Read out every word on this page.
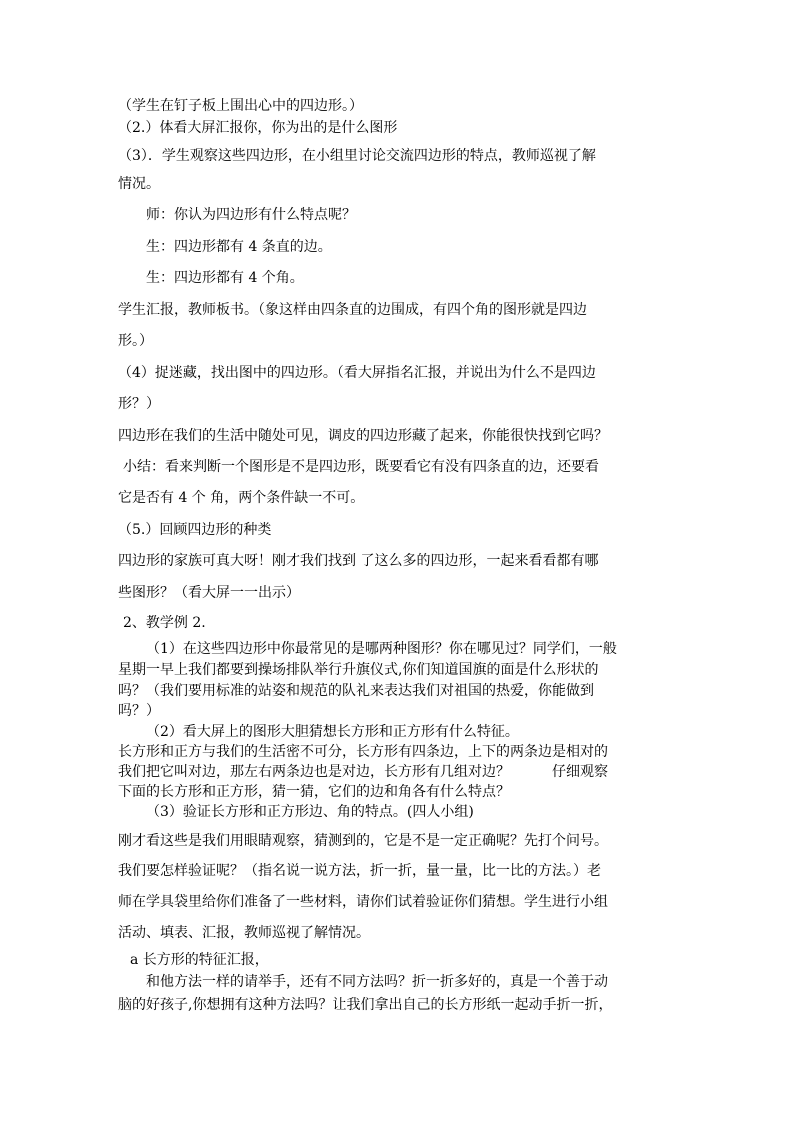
（学生在钉子板上围出心中的四边形。）
（2.）体看大屏汇报你，你为出的是什么图形
（3）．学生观察这些四边形，在小组里讨论交流四边形的特点，教师巡视了解
情况。
师：你认为四边形有什么特点呢？
生：四边形都有 4 条直的边。
生：四边形都有 4 个角。
学生汇报，教师板书。（象这样由四条直的边围成，有四个角的图形就是四边
形。）
（4）捉迷藏，找出图中的四边形。（看大屏指名汇报，并说出为什么不是四边
形？）
四边形在我们的生活中随处可见，调皮的四边形藏了起来，你能很快找到它吗？
小结：看来判断一个图形是不是四边形，既要看它有没有四条直的边，还要看
它是否有 4 个 角，两个条件缺一不可。
（5.）回顾四边形的种类
四边形的家族可真大呀！刚才我们找到 了这么多的四边形，一起来看看都有哪
些图形？（看大屏一一出示）
2、教学例 2.
（1）在这些四边形中你最常见的是哪两种图形？你在哪见过？同学们，一般
星期一早上我们都要到操场排队举行升旗仪式,你们知道国旗的面是什么形状的
吗？（我们要用标准的站姿和规范的队礼来表达我们对祖国的热爱，你能做到
吗？）
（2）看大屏上的图形大胆猜想长方形和正方形有什么特征。
长方形和正方与我们的生活密不可分，长方形有四条边，上下的两条边是相对的
我们把它叫对边，那左右两条边也是对边，长方形有几组对边？　　　仔细观察
下面的长方形和正方形，猜一猜，它们的边和角各有什么特点？
（3）验证长方形和正方形边、角的特点。(四人小组)
刚才看这些是我们用眼睛观察，猜测到的，它是不是一定正确呢？先打个问号。
我们要怎样验证呢？（指名说一说方法，折一折，量一量，比一比的方法。）老
师在学具袋里给你们准备了一些材料，请你们试着验证你们猜想。学生进行小组
活动、填表、汇报，教师巡视了解情况。
a 长方形的特征汇报，
和他方法一样的请举手，还有不同方法吗？折一折多好的，真是一个善于动
脑的好孩子,你想拥有这种方法吗？让我们拿出自己的长方形纸一起动手折一折，
